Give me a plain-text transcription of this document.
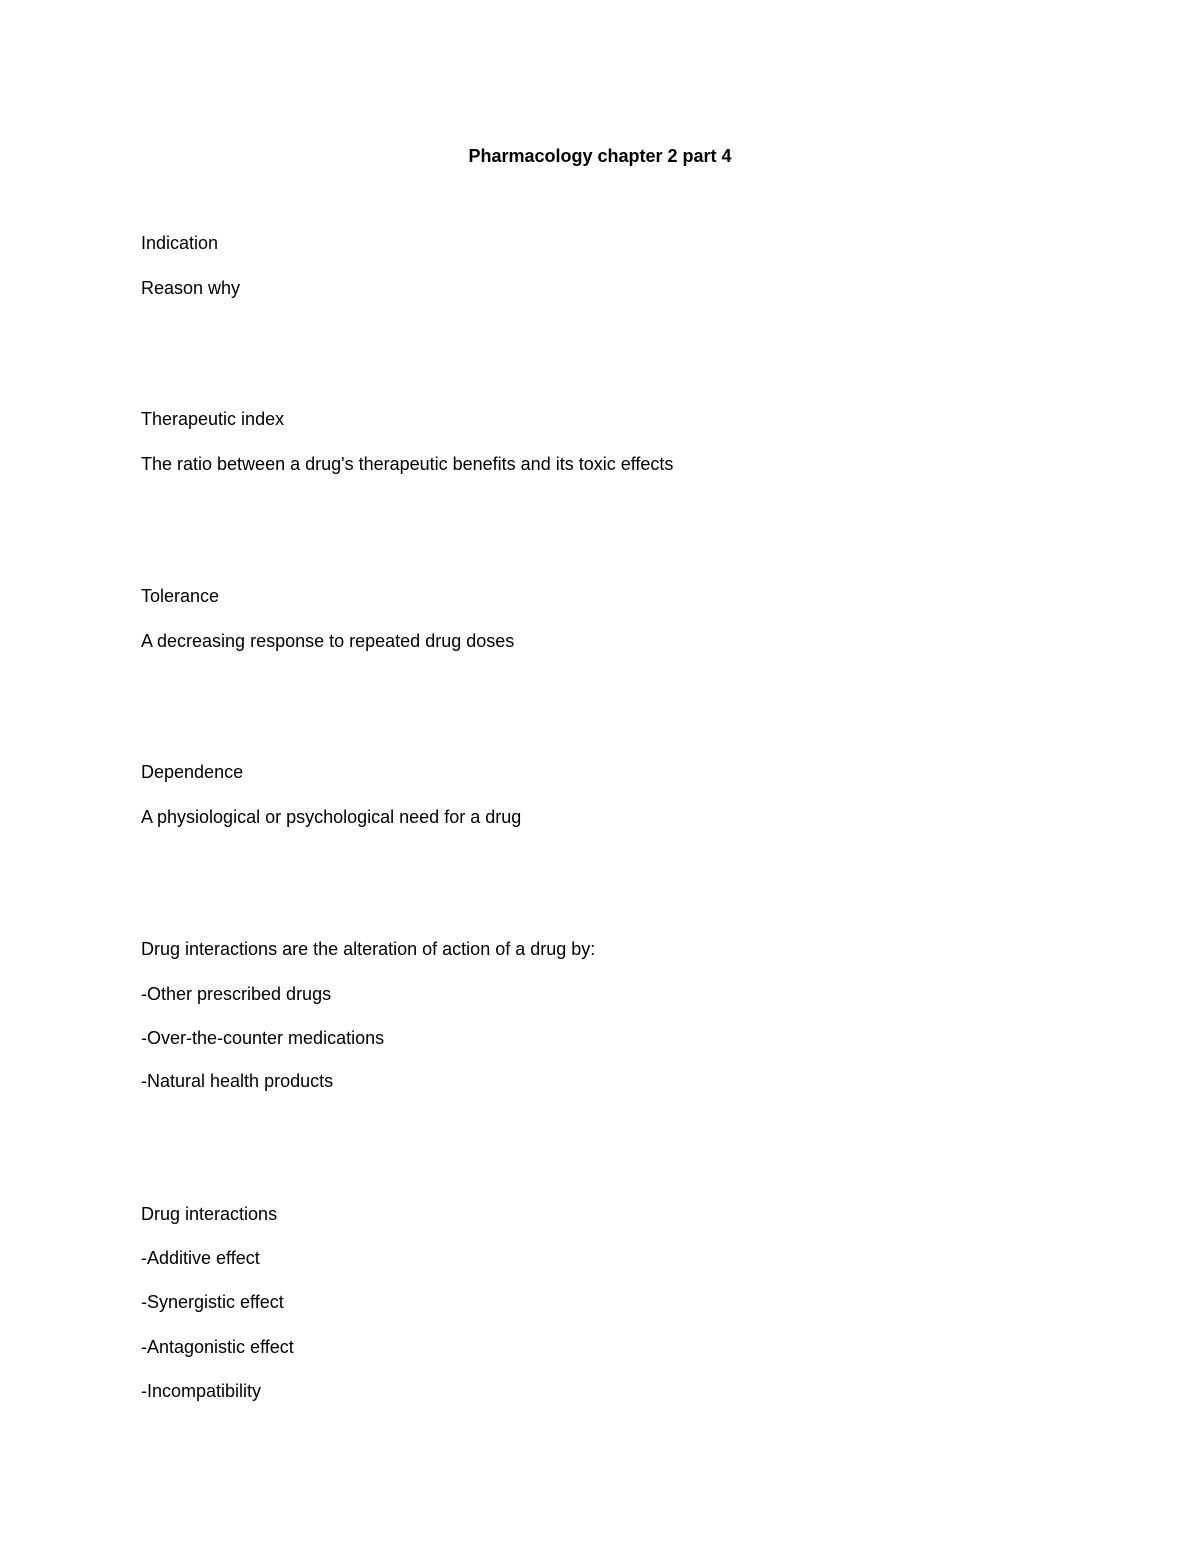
Pharmacology chapter 2 part 4
Indication
Reason why
Therapeutic index
The ratio between a drug's therapeutic benefits and its toxic effects
Tolerance
A decreasing response to repeated drug doses
Dependence
A physiological or psychological need for a drug
Drug interactions are the alteration of action of a drug by:
-Other prescribed drugs
-Over-the-counter medications
-Natural health products
Drug interactions
-Additive effect
-Synergistic effect
-Antagonistic effect
-Incompatibility
